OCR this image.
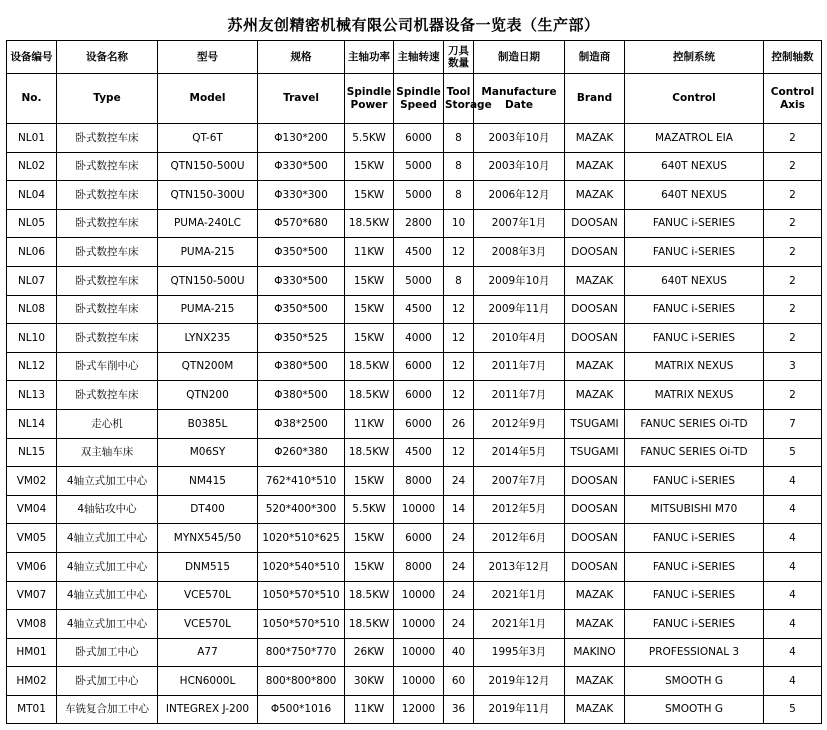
苏州友创精密机械有限公司机器设备一览表（生产部）
设备编号	设备名称	型号	规格	主轴功率	主轴转速	刀具数量	制造日期	制造商	控制系统	控制轴数
No.	Type	Model	Travel	Spindle Power	Spindle Speed	Tool Storage	Manufacture Date	Brand	Control	Control Axis
NL01	卧式数控车床	QT-6T	Φ130*200	5.5KW	6000	8	2003年10月	MAZAK	MAZATROL EIA	2
NL02	卧式数控车床	QTN150-500U	Φ330*500	15KW	5000	8	2003年10月	MAZAK	640T NEXUS	2
NL04	卧式数控车床	QTN150-300U	Φ330*300	15KW	5000	8	2006年12月	MAZAK	640T NEXUS	2
NL05	卧式数控车床	PUMA-240LC	Φ570*680	18.5KW	2800	10	2007年1月	DOOSAN	FANUC i-SERIES	2
NL06	卧式数控车床	PUMA-215	Φ350*500	11KW	4500	12	2008年3月	DOOSAN	FANUC i-SERIES	2
NL07	卧式数控车床	QTN150-500U	Φ330*500	15KW	5000	8	2009年10月	MAZAK	640T NEXUS	2
NL08	卧式数控车床	PUMA-215	Φ350*500	15KW	4500	12	2009年11月	DOOSAN	FANUC i-SERIES	2
NL10	卧式数控车床	LYNX235	Φ350*525	15KW	4000	12	2010年4月	DOOSAN	FANUC i-SERIES	2
NL12	卧式车削中心	QTN200M	Φ380*500	18.5KW	6000	12	2011年7月	MAZAK	MATRIX NEXUS	3
NL13	卧式数控车床	QTN200	Φ380*500	18.5KW	6000	12	2011年7月	MAZAK	MATRIX NEXUS	2
NL14	走心机	B0385L	Φ38*2500	11KW	6000	26	2012年9月	TSUGAMI	FANUC SERIES Oi-TD	7
NL15	双主轴车床	M06SY	Φ260*380	18.5KW	4500	12	2014年5月	TSUGAMI	FANUC SERIES Oi-TD	5
VM02	4轴立式加工中心	NM415	762*410*510	15KW	8000	24	2007年7月	DOOSAN	FANUC i-SERIES	4
VM04	4轴钻攻中心	DT400	520*400*300	5.5KW	10000	14	2012年5月	DOOSAN	MITSUBISHI M70	4
VM05	4轴立式加工中心	MYNX545/50	1020*510*625	15KW	6000	24	2012年6月	DOOSAN	FANUC i-SERIES	4
VM06	4轴立式加工中心	DNM515	1020*540*510	15KW	8000	24	2013年12月	DOOSAN	FANUC i-SERIES	4
VM07	4轴立式加工中心	VCE570L	1050*570*510	18.5KW	10000	24	2021年1月	MAZAK	FANUC i-SERIES	4
VM08	4轴立式加工中心	VCE570L	1050*570*510	18.5KW	10000	24	2021年1月	MAZAK	FANUC i-SERIES	4
HM01	卧式加工中心	A77	800*750*770	26KW	10000	40	1995年3月	MAKINO	PROFESSIONAL 3	4
HM02	卧式加工中心	HCN6000L	800*800*800	30KW	10000	60	2019年12月	MAZAK	SMOOTH G	4
MT01	车铣复合加工中心	INTEGREX J-200	Φ500*1016	11KW	12000	36	2019年11月	MAZAK	SMOOTH G	5
